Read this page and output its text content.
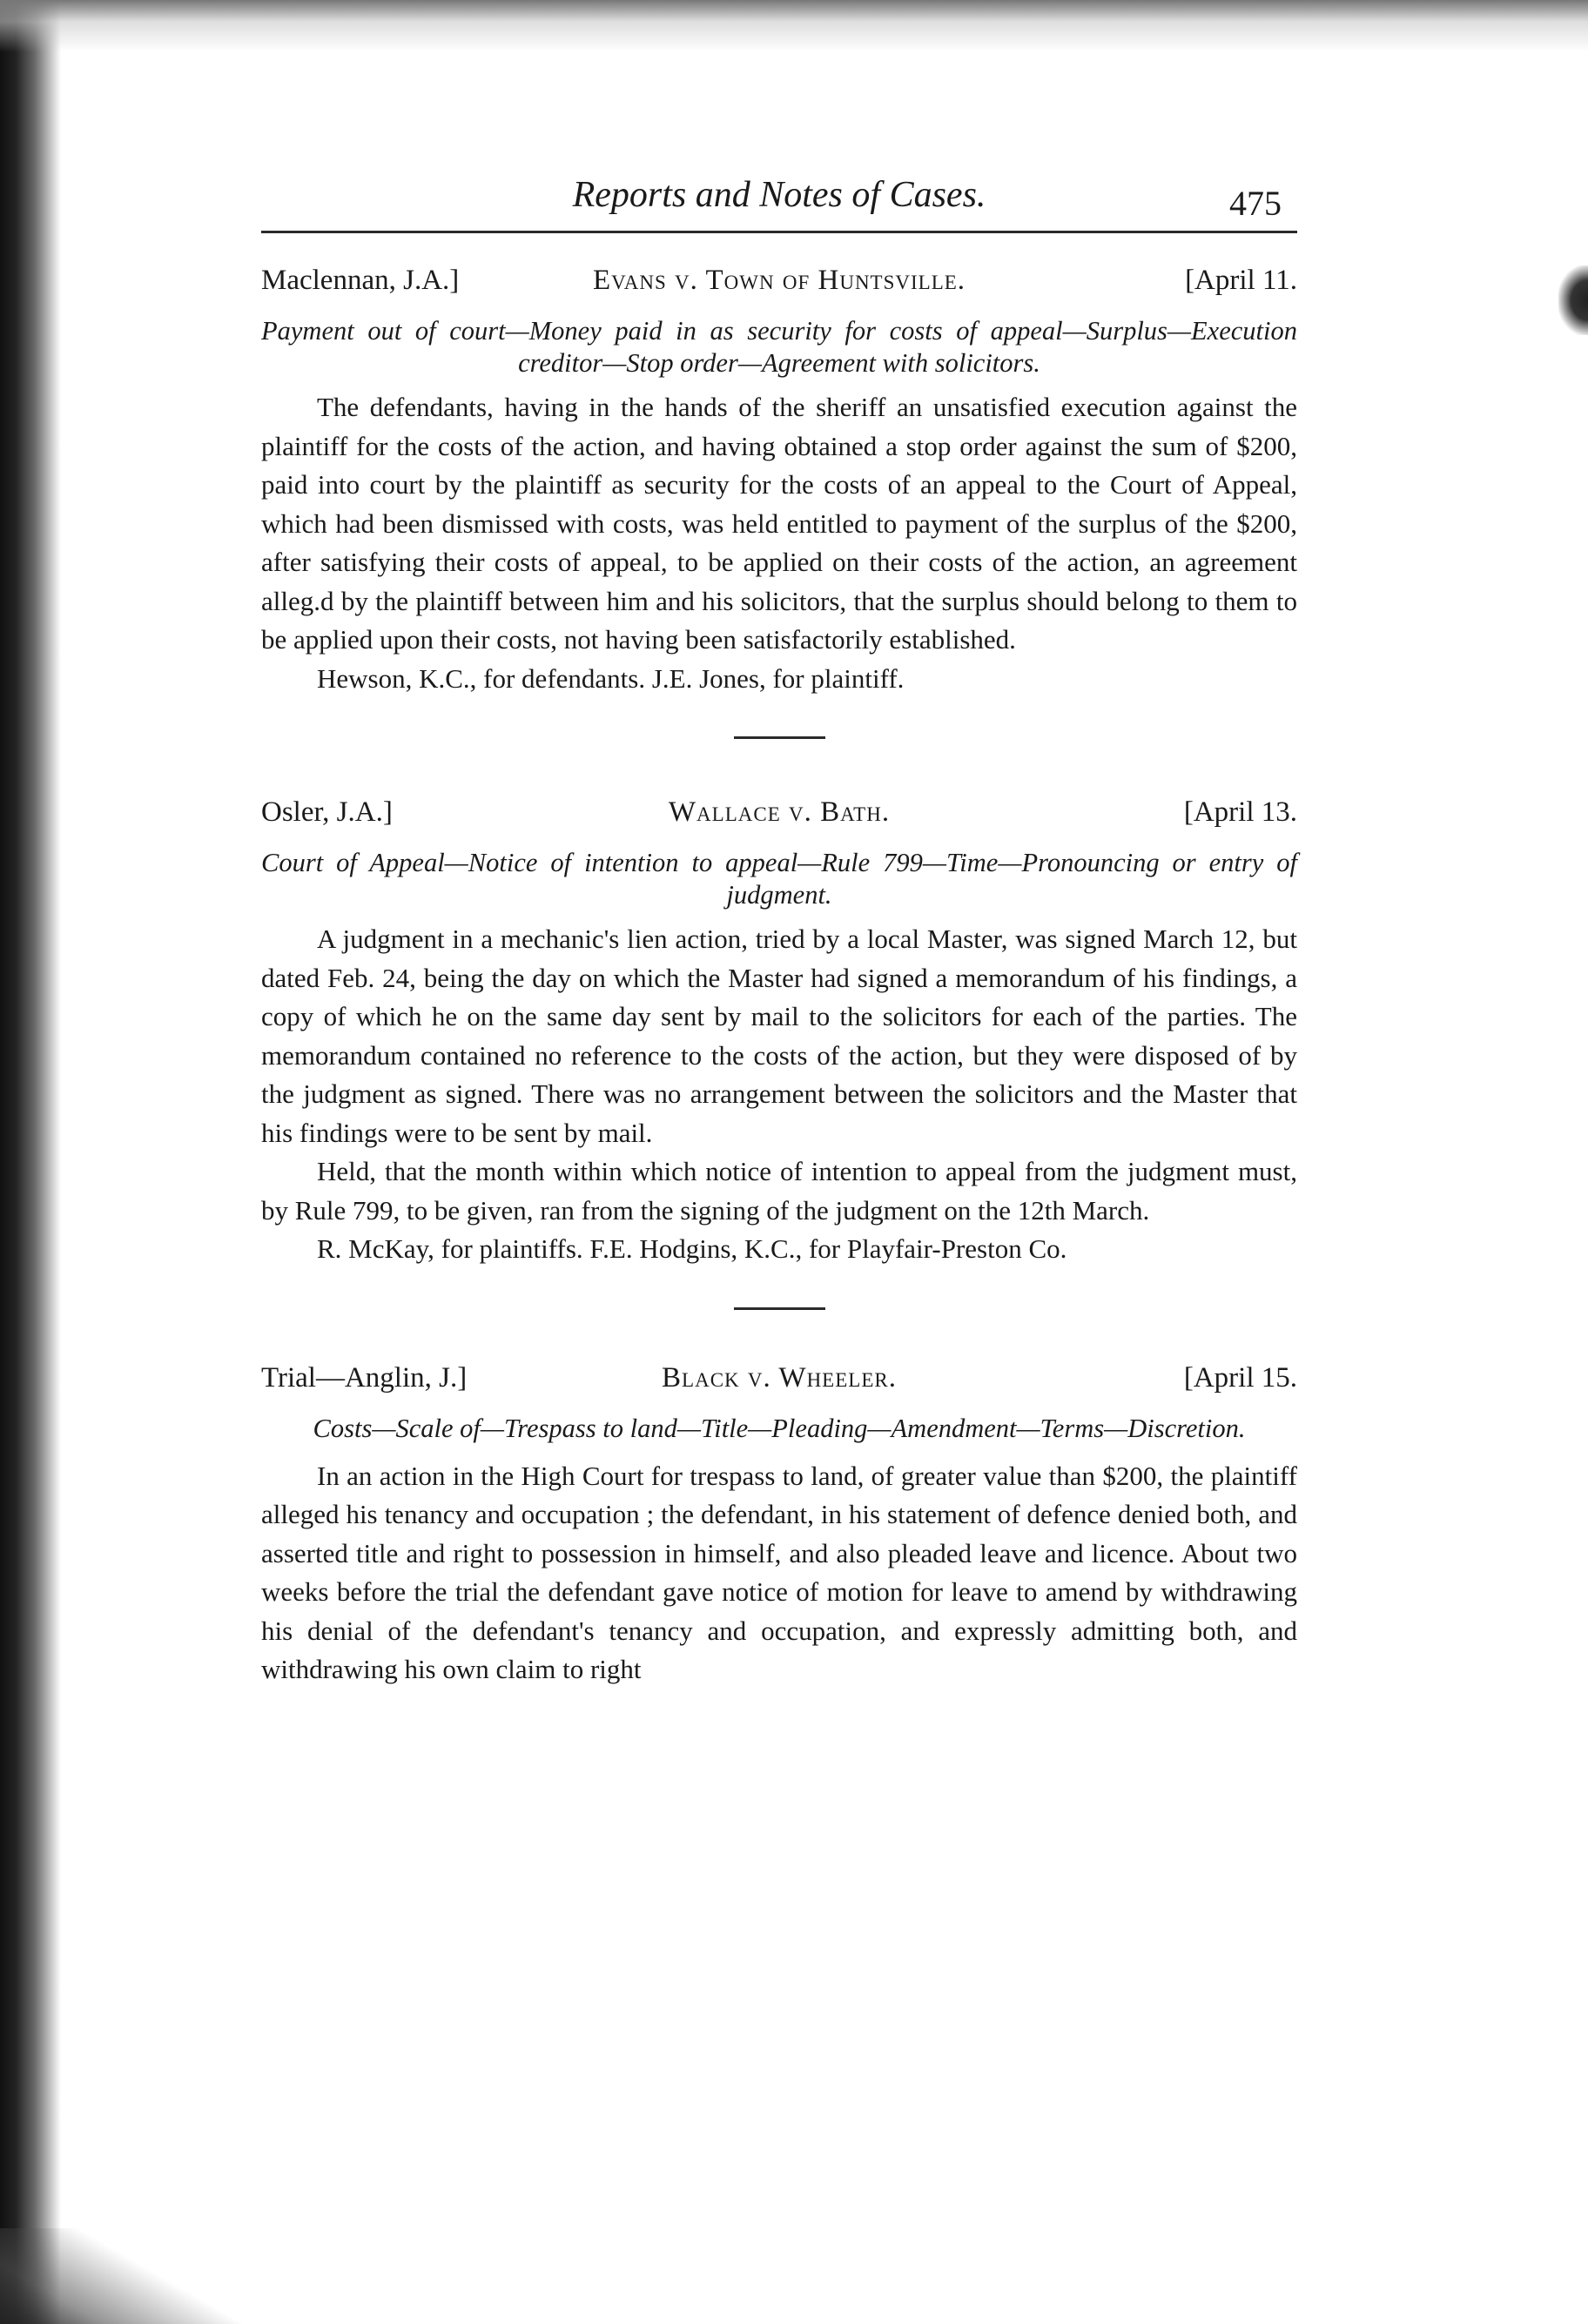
Reports and Notes of Cases.	475
Maclennan, J.A.]	Evans v. Town of Huntsville.	[April 11.
Payment out of court—Money paid in as security for costs of appeal—Surplus—Execution creditor—Stop order—Agreement with solicitors.

The defendants, having in the hands of the sheriff an unsatisfied execution against the plaintiff for the costs of the action, and having obtained a stop order against the sum of $200, paid into court by the plaintiff as security for the costs of an appeal to the Court of Appeal, which had been dismissed with costs, was held entitled to payment of the surplus of the $200, after satisfying their costs of appeal, to be applied on their costs of the action, an agreement alleg.d by the plaintiff between him and his solicitors, that the surplus should belong to them to be applied upon their costs, not having been satisfactorily established.

Hewson, K.C., for defendants. J.E. Jones, for plaintiff.

Osler, J.A.]	Wallace v. Bath.	[April 13.
Court of Appeal—Notice of intention to appeal—Rule 799—Time—Pronouncing or entry of judgment.

A judgment in a mechanic's lien action, tried by a local Master, was signed March 12, but dated Feb. 24, being the day on which the Master had signed a memorandum of his findings, a copy of which he on the same day sent by mail to the solicitors for each of the parties. The memorandum contained no reference to the costs of the action, but they were disposed of by the judgment as signed. There was no arrangement between the solicitors and the Master that his findings were to be sent by mail.

Held, that the month within which notice of intention to appeal from the judgment must, by Rule 799, to be given, ran from the signing of the judgment on the 12th March.

R. McKay, for plaintiffs. F.E. Hodgins, K.C., for Playfair-Preston Co.

Trial—Anglin, J.]	Black v. Wheeler.	[April 15.
Costs—Scale of—Trespass to land—Title—Pleading—Amendment—Terms—Discretion.

In an action in the High Court for trespass to land, of greater value than $200, the plaintiff alleged his tenancy and occupation ; the defendant, in his statement of defence denied both, and asserted title and right to possession in himself, and also pleaded leave and licence. About two weeks before the trial the defendant gave notice of motion for leave to amend by withdrawing his denial of the defendant's tenancy and occupation, and expressly admitting both, and withdrawing his own claim to right
